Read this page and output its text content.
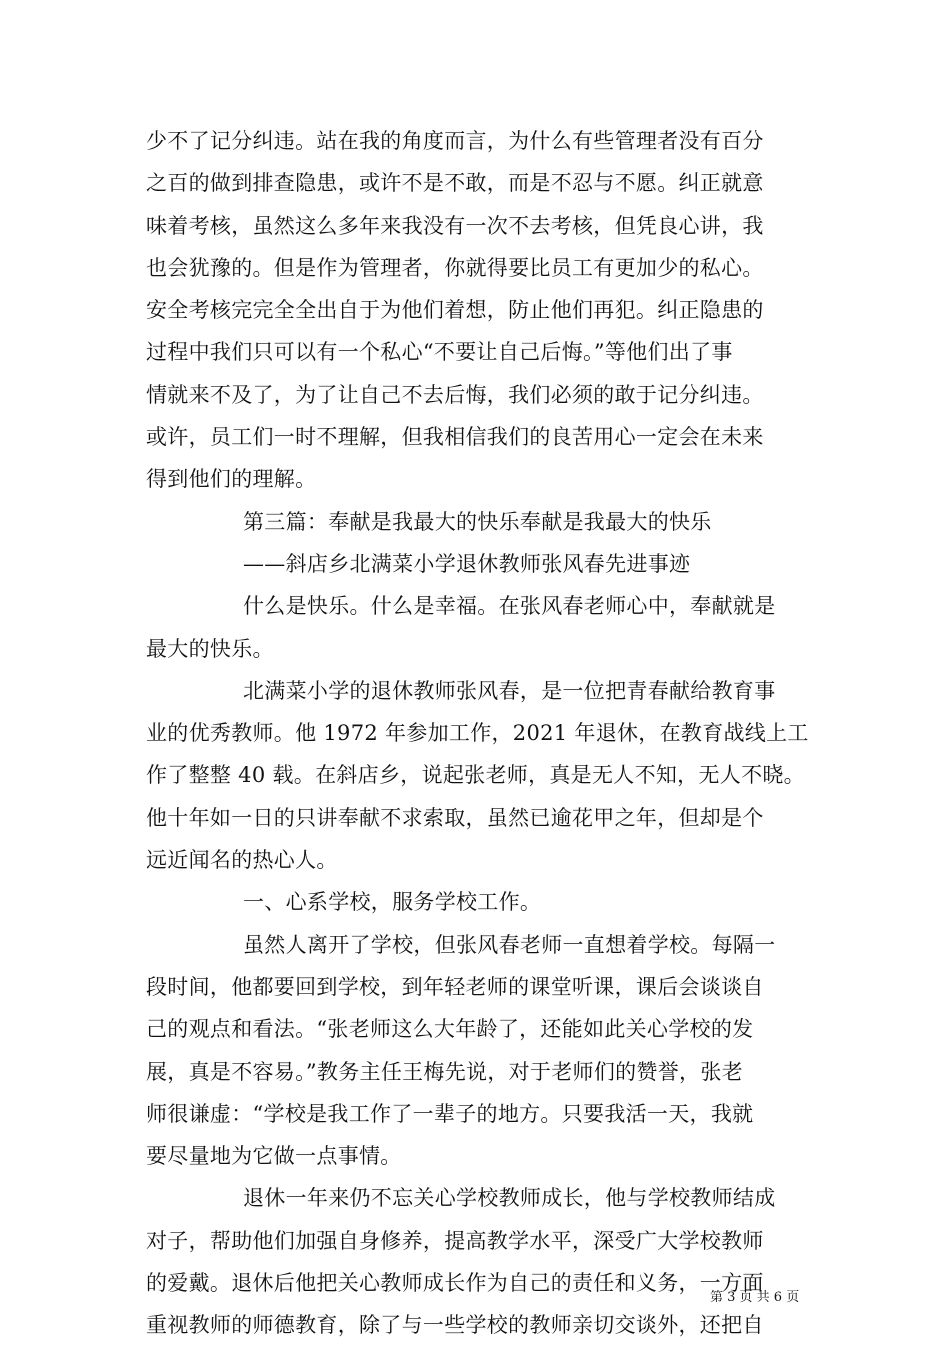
少不了记分纠违。站在我的角度而言，为什么有些管理者没有百分
之百的做到排查隐患，或许不是不敢，而是不忍与不愿。纠正就意
味着考核，虽然这么多年来我没有一次不去考核，但凭良心讲，我
也会犹豫的。但是作为管理者，你就得要比员工有更加少的私心。
安全考核完完全全出自于为他们着想，防止他们再犯。纠正隐患的
过程中我们只可以有一个私心“不要让自己后悔。”等他们出了事
情就来不及了，为了让自己不去后悔，我们必须的敢于记分纠违。
或许，员工们一时不理解，但我相信我们的良苦用心一定会在未来
得到他们的理解。
第三篇：奉献是我最大的快乐奉献是我最大的快乐
——斜店乡北满菜小学退休教师张风春先进事迹
什么是快乐。什么是幸福。在张风春老师心中，奉献就是
最大的快乐。
北满菜小学的退休教师张风春，是一位把青春献给教育事
业的优秀教师。他 1972 年参加工作，2021 年退休，在教育战线上工
作了整整 40 载。在斜店乡，说起张老师，真是无人不知，无人不晓。
他十年如一日的只讲奉献不求索取，虽然已逾花甲之年，但却是个
远近闻名的热心人。
一、心系学校，服务学校工作。
虽然人离开了学校，但张风春老师一直想着学校。每隔一
段时间，他都要回到学校，到年轻老师的课堂听课，课后会谈谈自
己的观点和看法。“张老师这么大年龄了，还能如此关心学校的发
展，真是不容易。”教务主任王梅先说，对于老师们的赞誉，张老
师很谦虚：“学校是我工作了一辈子的地方。只要我活一天，我就
要尽量地为它做一点事情。
退休一年来仍不忘关心学校教师成长，他与学校教师结成
对子，帮助他们加强自身修养，提高教学水平，深受广大学校教师
的爱戴。退休后他把关心教师成长作为自己的责任和义务，一方面
重视教师的师德教育，除了与一些学校的教师亲切交谈外，还把自
第 3 页 共 6 页
